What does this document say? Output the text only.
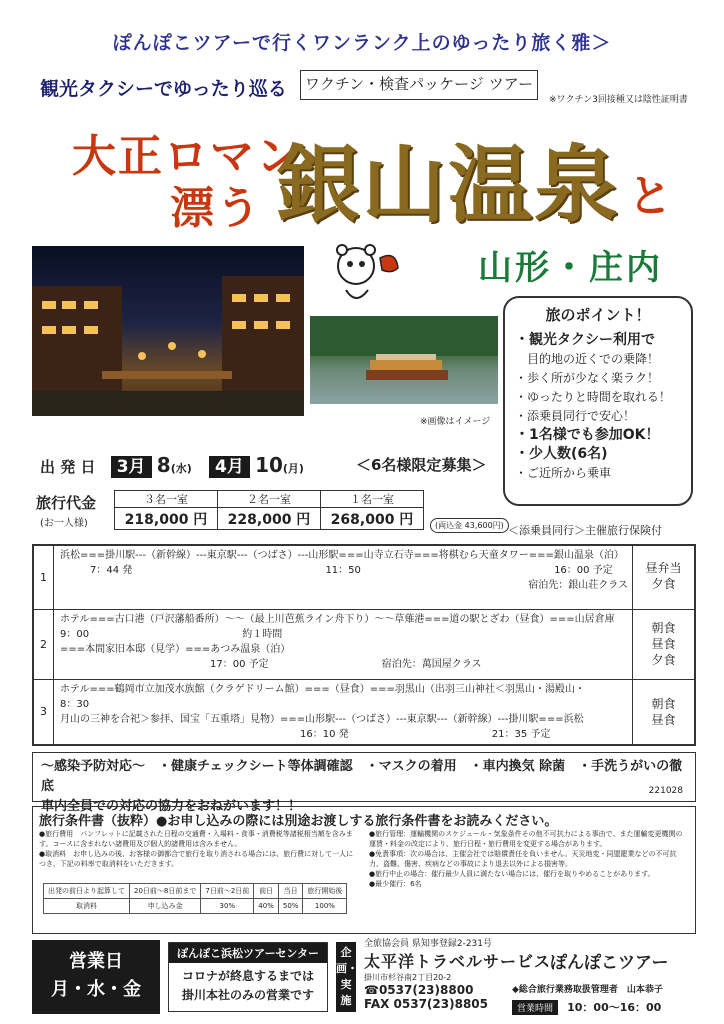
ぽんぽこツアーで行くワンランク上のゆったり旅く雅＞
観光タクシーでゆったり巡る	ワクチン・検査パッケージ ツアー
※ワクチン3回接種又は陰性証明書
大正ロマン
漂う 銀山温泉 と
山形・庄内
※画像はイメージ
旅のポイント！
・観光タクシー利用で
目的地の近くでの乗降！
・歩く所が少なく楽ラク！
・ゆったりと時間を取れる！
・添乗員同行で安心！
・1名様でも参加OK！
・少人数(6名)
・ご近所から乗車
出 発 日 3月 8(水) 4月 10(月)	＜6名様限定募集＞
旅行代金
(お一人様)
３名一室	２名一室	１名一室
218,000 円	228,000 円	268,000 円	(両込金 43,600円) ＜添乗員同行＞主催旅行保険付
1
浜松===掛川駅---（新幹線）---東京駅---（つばさ）---山形駅===山寺立石寺===将棋むら天童タワー===銀山温泉（泊）
7：44 発　　　　　　　　　　　　　　　　　　　 11：50　　　　　　　　　　　　　　　　　　　 16：00 予定
宿泊先：銀山荘クラス
昼弁当
夕食
2
ホテル===古口港（戸沢藩船番所）～～（最上川芭蕉ライン舟下り）～～草薙港===道の駅とざわ（昼食）===山居倉庫
9：00　　　　　　　　　　　　　　　 約１時間
===本間家旧本邸（見学）===あつみ温泉（泊）
17：00 予定　　　　　　　　　　　 宿泊先：萬国屋クラス
朝食
昼食
夕食
3
ホテル===鶴岡市立加茂水族館（クラゲドリーム館）===（昼食）===羽黒山（出羽三山神社＜羽黒山・湯殿山・
8：30
月山の三神を合祀＞参拝、国宝「五重塔」見物）===山形駅---（つばさ）---東京駅---（新幹線）---掛川駅===浜松
16：10 発　　　　　　　　　　　　　　 21：35 予定
朝食
昼食
～感染予防対応～　・健康チェックシート等体調確認　・マスクの着用　・車内換気 除菌　・手洗うがいの徹底
車内全員での対応の協力をおねがいます！！
221028
旅行条件書（抜粋）●お申し込みの際には別途お渡しする旅行条件書をお読みください。
●旅行費用　パンフレットに記載された日程の交通費・入場料・食事・消費税等諸税相当額を含みます。コースに含まれない諸費用及び個人的諸費用は含みません。
●取消料　お申し込みの後、お客様の御都合で旅行を取り消される場合には、旅行費に対して一人につき、下記の料率で取消料をいただきます。
出発の前日より起算して	20日前～8日前まで	7日前～2日前	前日	当日	旅行開始後
取消料	申し込み金	30%	40%	50%	100%
●旅行管理：運輸機関のスケジュール・気象条件その他不可抗力による事由で、また運輸変更機関の運賃・料金の改定により、旅行日程・旅行費用を変更する場合があります。
●免責事項：次の場合は、主催会社では賠償責任を負いません。天災地変・同盟罷業などの不可抗力、盗難、傷害、疾病などの事故により退去以外による損害等。
●旅行中止の場合：催行最少人員に満たない場合には、催行を取りやめることがあります。
●最少催行：6名
営業日
月・水・金
ぽんぽこ浜松ツアーセンター
コロナが終息するまでは
掛川本社のみの営業です
企画・実施
全旅協会員 県知事登録2-231号
太平洋トラベルサービス
掛川市杉谷南2丁目20-2
☎0537(23)8800
FAX 0537(23)8805
ぽんぽこツアー
◆総合旅行業務取扱管理者　山本恭子
営業時間 10：00～16：00
